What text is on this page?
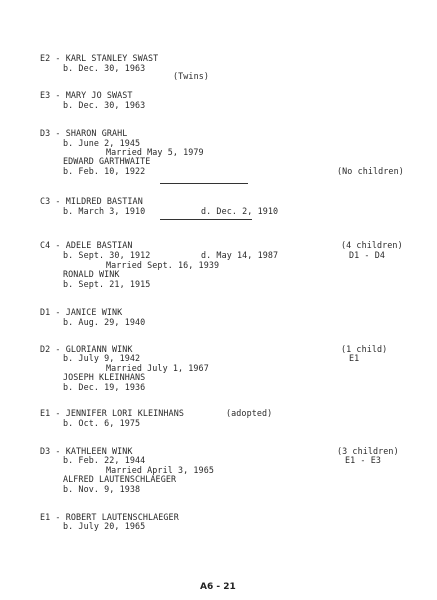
E2 - KARL STANLEY SWAST
b. Dec. 30, 1963
(Twins)
E3 - MARY JO SWAST
b. Dec. 30, 1963
D3 - SHARON GRAHL
b. June 2, 1945
Married May 5, 1979
EDWARD GARTHWAITE
b. Feb. 10, 1922	(No children)
C3 - MILDRED BASTIAN
b. March 3, 1910	d. Dec. 2, 1910
C4 - ADELE BASTIAN	(4 children)
b. Sept. 30, 1912	d. May 14, 1987	D1 - D4
Married Sept. 16, 1939
RONALD WINK
b. Sept. 21, 1915
D1 - JANICE WINK
b. Aug. 29, 1940
D2 - GLORIANN WINK	(1 child)
b. July 9, 1942	E1
Married July 1, 1967
JOSEPH KLEINHANS
b. Dec. 19, 1936
E1 - JENNIFER LORI KLEINHANS	(adopted)
b. Oct. 6, 1975
D3 - KATHLEEN WINK	(3 children)
b. Feb. 22, 1944	E1 - E3
Married April 3, 1965
ALFRED LAUTENSCHLAEGER
b. Nov. 9, 1938
E1 - ROBERT LAUTENSCHLAEGER
b. July 20, 1965
A6 - 21
